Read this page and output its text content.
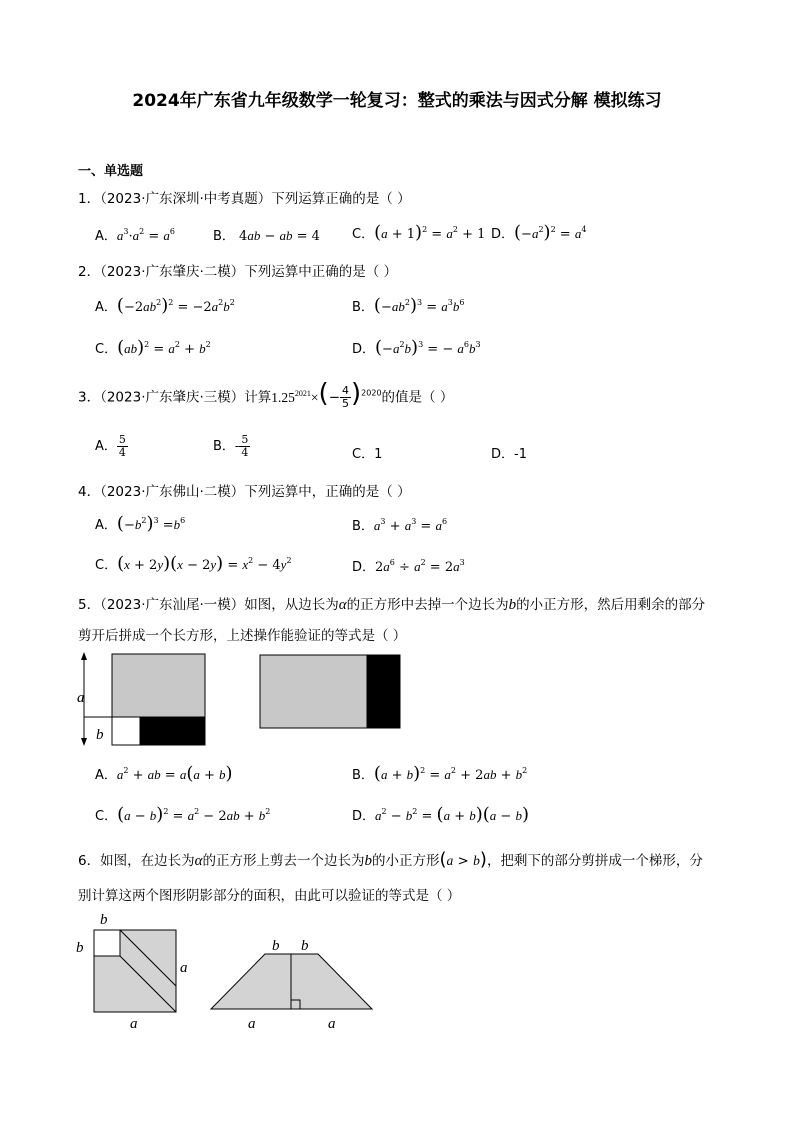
2024年广东省九年级数学一轮复习：整式的乘法与因式分解 模拟练习
一、单选题
1．（2023·广东深圳·中考真题）下列运算正确的是（ ）
A．$a^3\cdot a^2 = a^6$	B． 4ab − ab = 4 C．$(a + 1)^2 = a^2 + 1$ D．$(-a^2)^2 = a^4$
2．（2023·广东肇庆·二模）下列运算中正确的是（ ）
A．$(-2ab^2)^2 = -2a^2b^2$	B．$(-ab^2)^3 = a^3b^6$
C．$(ab)^2 = a^2 + b^2$	D．$(-a^2b)^3$ = − $a^6b^3$
3．（2023·广东肇庆·三模）计算$1.25^{2021}\times(- \frac{4}{5} )^{2020}$的值是（ ）
A． $\frac{5}{4}$	B．- $\frac{5}{4}$	C．1	D．-1
4．（2023·广东佛山·二模）下列运算中，正确的是（ ）
A．$(-b^2)^3 =b^6$	B．$a^3 + a^3 = a^6$
C．$(x + 2y)(x - 2y) = x^2 - 4y^2$	D．$2a^6 \div a^2 = 2a^3$
5．（2023·广东汕尾·一模）如图，从边长为α的正方形中去掉一个边长为b的小正方形，然后用剩余的部分
剪开后拼成一个长方形，上述操作能验证的等式是（ ）
a
b
A．$a^2$ + ab = a(a + b)	B．$(a + b)^2 = a^2 + 2ab + b^2$
C．$(a - b)^2 = a^2 - 2ab + b^2$	D．$a^2 - b^2 = (a + b)(a - b)$
6．如图，在边长为α的正方形上剪去一个边长为b的小正方形(a > b)，把剩下的部分剪拼成一个梯形，分
别计算这两个图形阴影部分的面积，由此可以验证的等式是（ ）
b
b
a
a
b b
a	a
